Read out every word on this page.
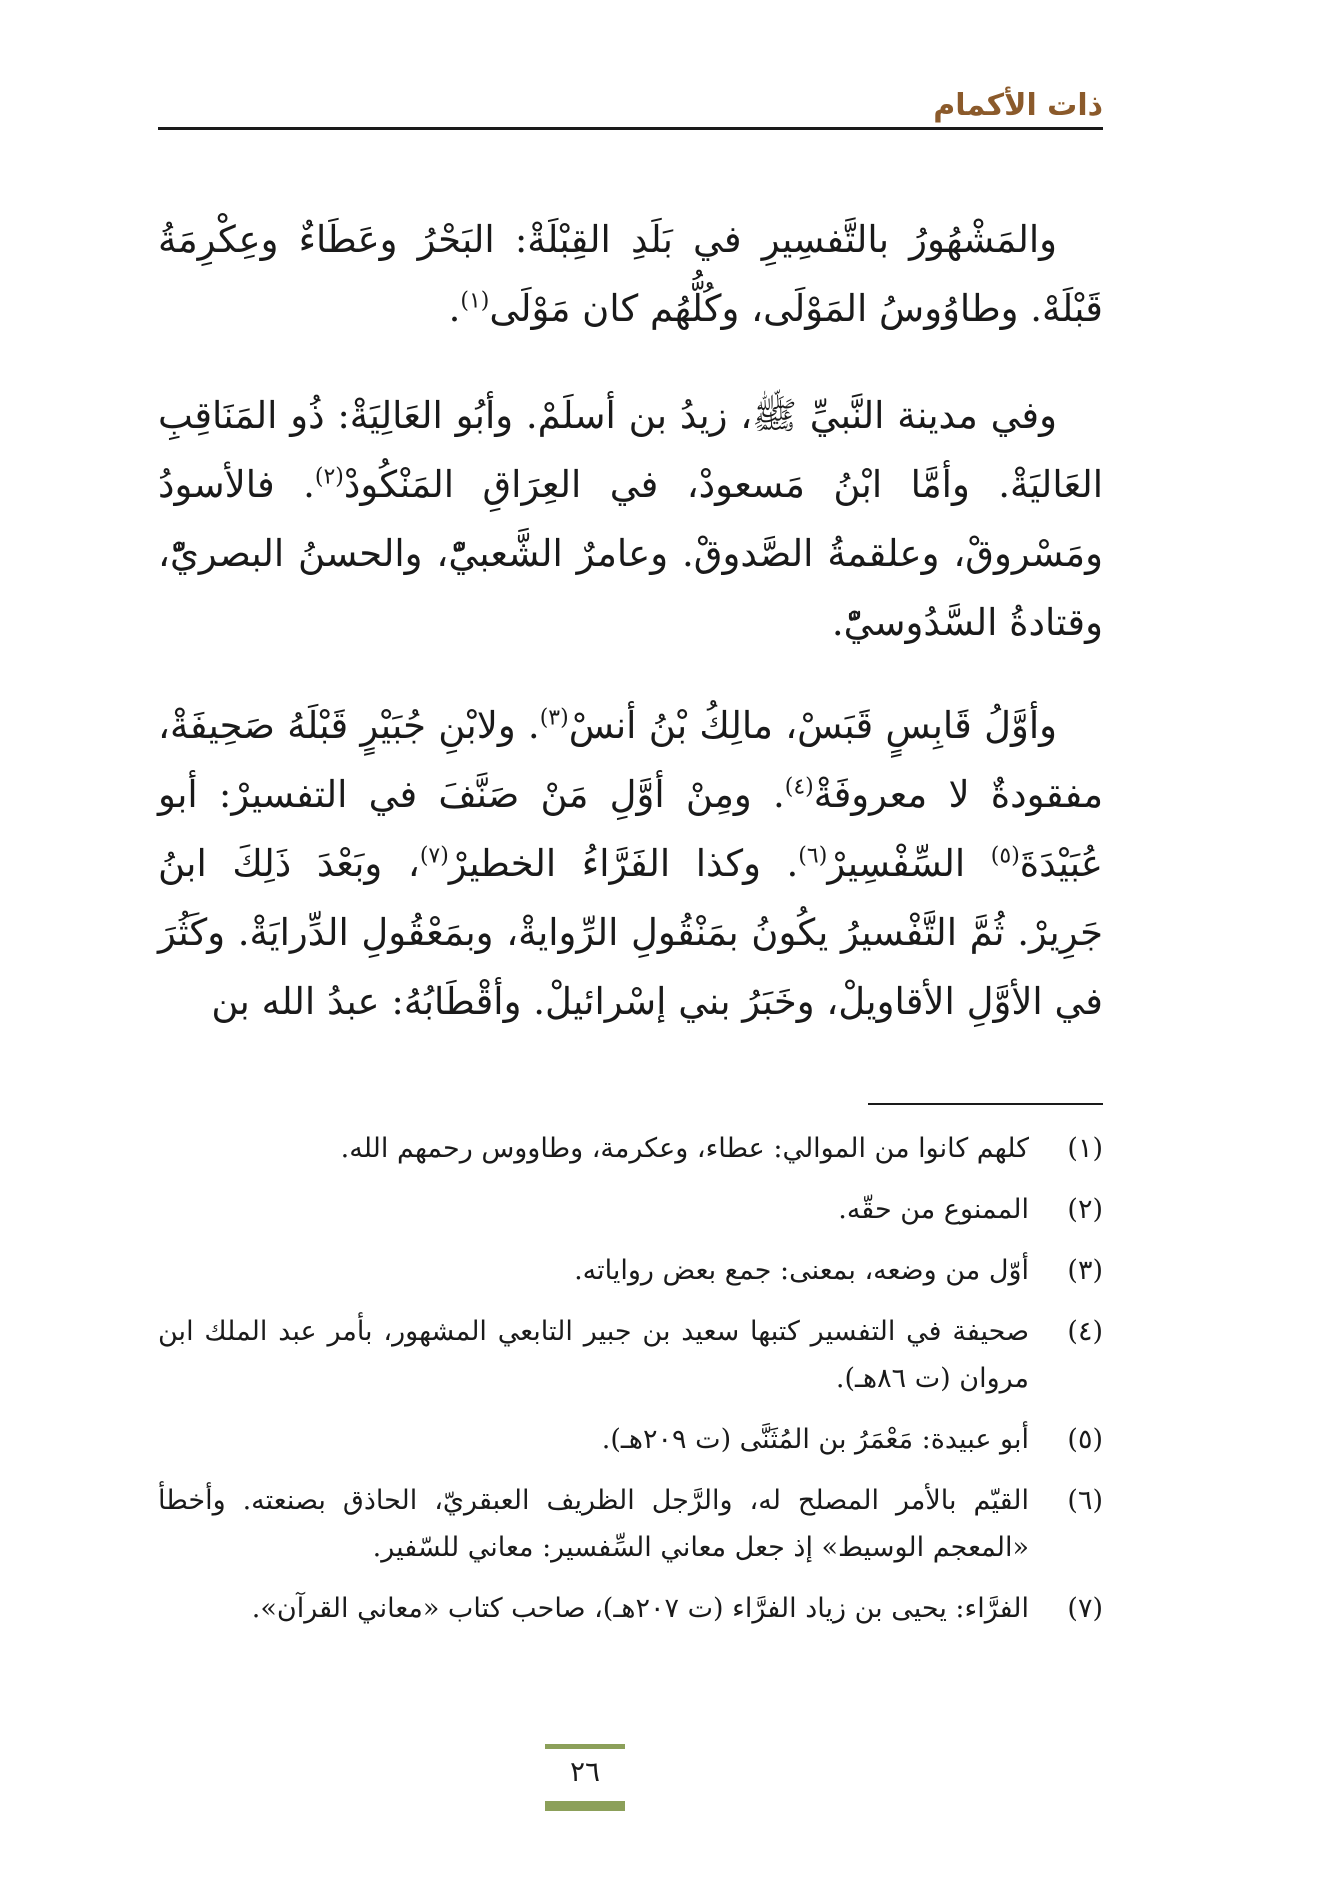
ذات الأكمام

والمَشْهُورُ بالتَّفسِيرِ في بَلَدِ القِبْلَةْ: البَحْرُ وعَطَاءٌ وعِكْرِمَةُ قَبْلَهْ. وطاوُوسُ المَوْلَى، وكُلُّهُم كان مَوْلَى$^{(١)}$.

وفي مدينة النَّبيِّ ﷺ، زيدُ بن أسلَمْ. وأبُو العَالِيَةْ: ذُو المَنَاقِبِ العَاليَةْ. وأمَّا ابْنُ مَسعودْ، في العِرَاقِ المَنْكُودْ$^{(٢)}$. فالأسودُ ومَسْروقْ، وعلقمةُ الصَّدوقْ. وعامرٌ الشَّعبيّْ، والحسنُ البصريّْ، وقتادةُ السَّدُوسيّْ.

وأوَّلُ قَابِسٍ قَبَسْ، مالِكُ بْنُ أنسْ$^{(٣)}$. ولابْنِ جُبَيْرٍ قَبْلَهُ صَحِيفَةْ، مفقودةٌ لا معروفَةْ$^{(٤)}$. ومِنْ أوَّلِ مَنْ صَنَّفَ في التفسيرْ: أبو عُبَيْدَةَ$^{(٥)}$ السِّفْسِيرْ$^{(٦)}$. وكذا الفَرَّاءُ الخطيرْ$^{(٧)}$، وبَعْدَ ذَلِكَ ابنُ جَرِيرْ. ثُمَّ التَّفْسيرُ يكُونُ بمَنْقُولِ الرِّوايةْ، وبمَعْقُولِ الدِّرايَةْ. وكَثُرَ في الأوَّلِ الأقاويلْ، وخَبَرُ بني إسْرائيلْ. وأقْطَابُهُ: عبدُ الله بن

(١)
كلهم كانوا من الموالي: عطاء، وعكرمة، وطاووس رحمهم الله.
(٢)
الممنوع من حقّه.
(٣)
أوّل من وضعه، بمعنى: جمع بعض رواياته.
(٤)
صحيفة في التفسير كتبها سعيد بن جبير التابعي المشهور، بأمر عبد الملك ابن مروان (ت ٨٦هـ).
(٥)
أبو عبيدة: مَعْمَرُ بن المُثَنَّى (ت ٢٠٩هـ).
(٦)
القيّم بالأمر المصلح له، والرَّجل الظريف العبقريّ، الحاذق بصنعته. وأخطأ «المعجم الوسيط» إذ جعل معاني السِّفسير: معاني للسّفير.
(٧)
الفرَّاء: يحيى بن زياد الفرَّاء (ت ٢٠٧هـ)، صاحب كتاب «معاني القرآن».
٢٦
